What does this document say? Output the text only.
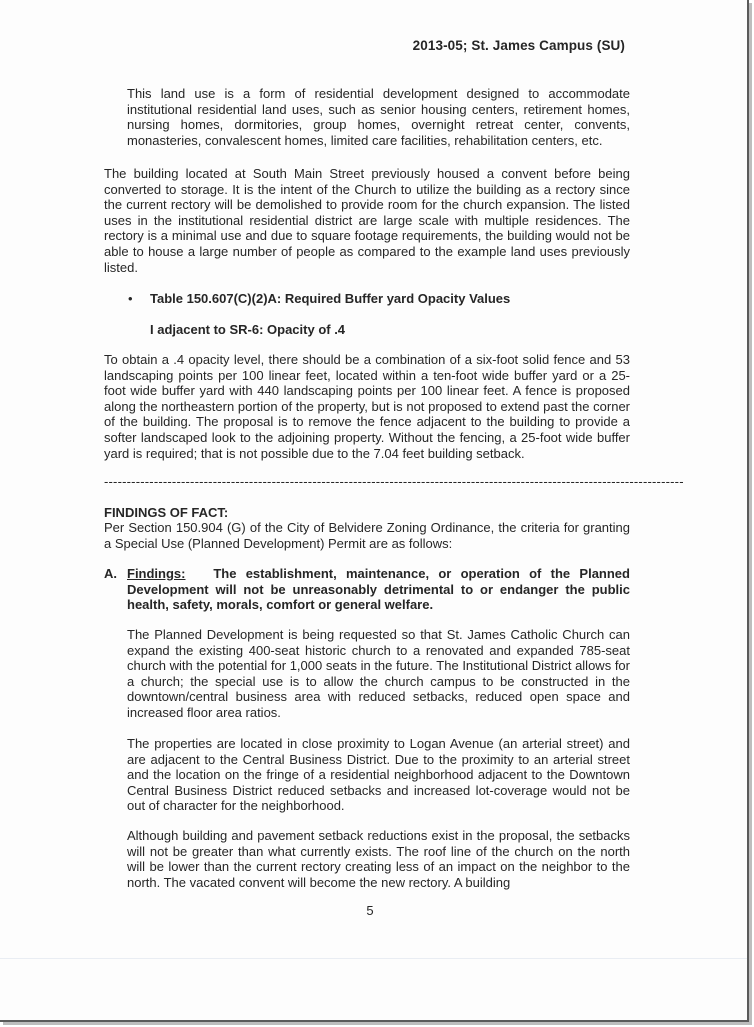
2013-05; St. James Campus (SU)
This land use is a form of residential development designed to accommodate institutional residential land uses, such as senior housing centers, retirement homes, nursing homes, dormitories, group homes, overnight retreat center, convents, monasteries, convalescent homes, limited care facilities, rehabilitation centers, etc.
The building located at South Main Street previously housed a convent before being converted to storage. It is the intent of the Church to utilize the building as a rectory since the current rectory will be demolished to provide room for the church expansion. The listed uses in the institutional residential district are large scale with multiple residences. The rectory is a minimal use and due to square footage requirements, the building would not be able to house a large number of people as compared to the example land uses previously listed.
• Table 150.607(C)(2)A: Required Buffer yard Opacity Values
I adjacent to SR-6: Opacity of .4
To obtain a .4 opacity level, there should be a combination of a six-foot solid fence and 53 landscaping points per 100 linear feet, located within a ten-foot wide buffer yard or a 25-foot wide buffer yard with 440 landscaping points per 100 linear feet. A fence is proposed along the northeastern portion of the property, but is not proposed to extend past the corner of the building. The proposal is to remove the fence adjacent to the building to provide a softer landscaped look to the adjoining property. Without the fencing, a 25-foot wide buffer yard is required; that is not possible due to the 7.04 feet building setback.
--------------------------------------------------------------------------------------------------------------------------------
FINDINGS OF FACT:
Per Section 150.904 (G) of the City of Belvidere Zoning Ordinance, the criteria for granting a Special Use (Planned Development) Permit are as follows:
A. Findings: The establishment, maintenance, or operation of the Planned Development will not be unreasonably detrimental to or endanger the public health, safety, morals, comfort or general welfare.
The Planned Development is being requested so that St. James Catholic Church can expand the existing 400-seat historic church to a renovated and expanded 785-seat church with the potential for 1,000 seats in the future. The Institutional District allows for a church; the special use is to allow the church campus to be constructed in the downtown/central business area with reduced setbacks, reduced open space and increased floor area ratios.
The properties are located in close proximity to Logan Avenue (an arterial street) and are adjacent to the Central Business District. Due to the proximity to an arterial street and the location on the fringe of a residential neighborhood adjacent to the Downtown Central Business District reduced setbacks and increased lot-coverage would not be out of character for the neighborhood.
Although building and pavement setback reductions exist in the proposal, the setbacks will not be greater than what currently exists. The roof line of the church on the north will be lower than the current rectory creating less of an impact on the neighbor to the north. The vacated convent will become the new rectory. A building
5
